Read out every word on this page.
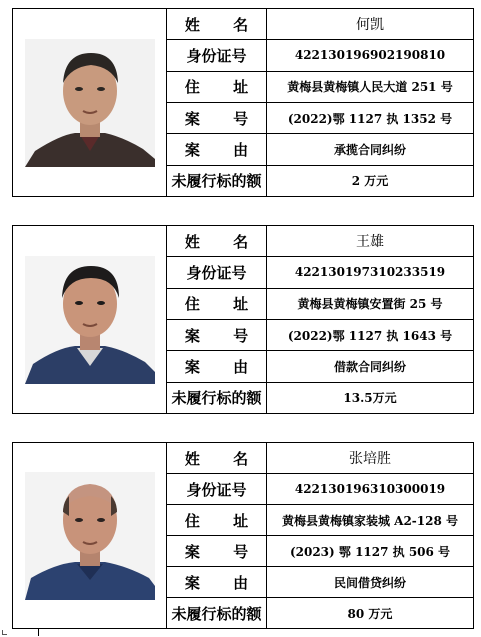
姓 名	何凯
身份证号	422130196902190810
住 址	黄梅县黄梅镇人民大道 251 号
案 号	(2022)鄂 1127 执 1352 号
案 由	承揽合同纠纷
未履行标的额	2 万元
姓 名	王雄
身份证号	422130197310233519
住 址	黄梅县黄梅镇安置街 25 号
案 号	(2022)鄂 1127 执 1643 号
案 由	借款合同纠纷
未履行标的额	13.5万元
姓 名	张培胜
身份证号	422130196310300019
住 址	黄梅县黄梅镇家装城 A2-128 号
案 号	(2023) 鄂 1127 执 506 号
案 由	民间借贷纠纷
未履行标的额	80 万元
